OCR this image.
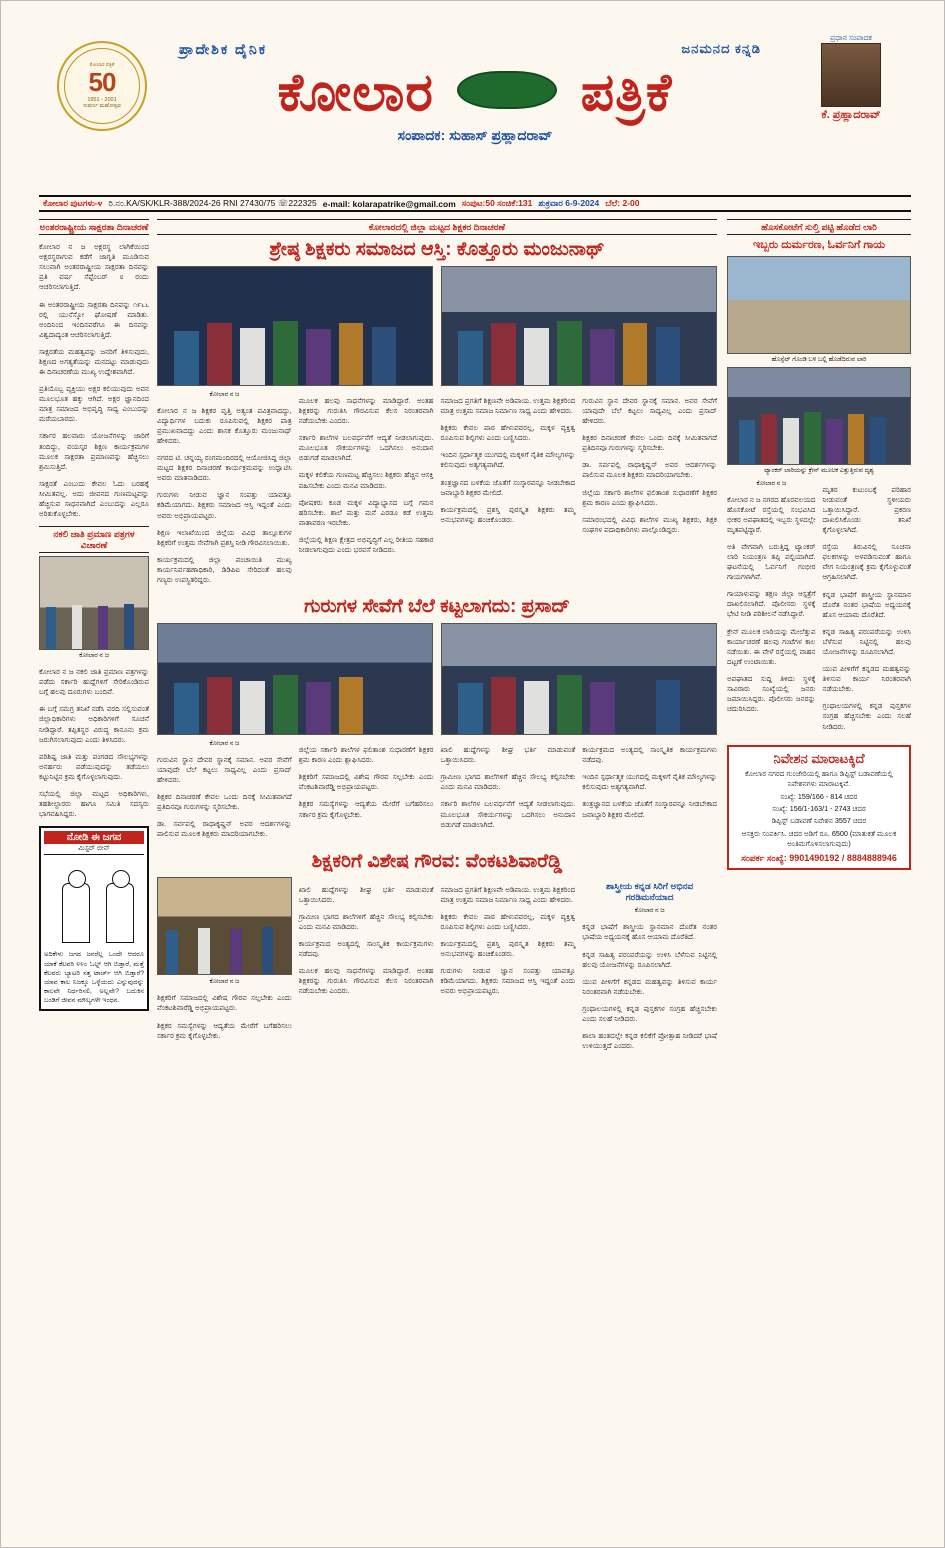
ಕೋಲಾರ ಪತ್ರಿಕೆ
50
1951 - 2001
ಸುವರ್ಣ ಮಹೋತ್ಸವ
ಪ್ರಾದೇಶಿಕ ದೈನಿಕ	ಜನಮನದ ಕನ್ನಡಿ
ಕೋಲಾರ	ಪತ್ರಿಕೆ
ಸಂಪಾದಕ: ಸುಹಾಸ್ ಪ್ರಹ್ಲಾದರಾವ್
ಪ್ರಧಾನ ಸಂಪಾದಕ
ಕೆ. ಪ್ರಹ್ಲಾದರಾವ್
ಕೋಲಾರ ಪುಟಗಳು-೪ ರಿ.ನಂ.KA/SK/KLR-388/2024-26 RNI 27430/75 ☏222325 e-mail: kolarapatrike@gmail.com ಸಂಪುಟ:50 ಸಂಚಿಕೆ:131 ಶುಕ್ರವಾರ 6-9-2024 ಬೆಲೆ: 2-00
ಅಂತರರಾಷ್ಟ್ರೀಯ ಸಾಕ್ಷರತಾ ದಿನಾಚರಣೆ

ಕೋಲಾರ ನ ಜ ಅಕ್ಷರಸ್ಥ ಲಾಗಿಕೆಯಿಂದ ಅಕ್ಷರಸ್ಥರಾಗುವ ಕಡೆಗೆ ಜಾಗೃತಿ ಮೂಡಿಸುವ ಸಲುವಾಗಿ ಅಂತರರಾಷ್ಟ್ರೀಯ ಸಾಕ್ಷರತಾ ದಿನವನ್ನು ಪ್ರತಿ ವರ್ಷ ಸೆಪ್ಟೆಂಬರ್ ೮ ರಂದು ಆಚರಿಸಲಾಗುತ್ತಿದೆ.

ಈ ಅಂತರರಾಷ್ಟ್ರೀಯ ಸಾಕ್ಷರತಾ ದಿನವನ್ನು ೧೯೬೬ ರಲ್ಲಿ ಯುನೆಸ್ಕೋ ಘೋಷಣೆ ಮಾಡಿತು. ಅಂದಿನಿಂದ ಇಂದಿನವರೆಗೂ ಈ ದಿನವನ್ನು ವಿಶ್ವದಾದ್ಯಂತ ಆಚರಿಸಲಾಗುತ್ತಿದೆ.

ಸಾಕ್ಷರತೆಯ ಮಹತ್ವವನ್ನು ಜನರಿಗೆ ತಿಳಿಸುವುದು, ಶಿಕ್ಷಣದ ಅಗತ್ಯತೆಯನ್ನು ಮನದಟ್ಟು ಮಾಡುವುದು ಈ ದಿನಾಚರಣೆಯ ಮುಖ್ಯ ಉದ್ದೇಶವಾಗಿದೆ.

ಪ್ರತಿಯೊಬ್ಬ ವ್ಯಕ್ತಿಯು ಅಕ್ಷರ ಕಲಿಯುವುದು ಅವನ ಮೂಲಭೂತ ಹಕ್ಕು ಆಗಿದೆ. ಅಕ್ಷರ ಜ್ಞಾನದಿಂದ ಮಾತ್ರ ಸಮಾಜದ ಅಭಿವೃದ್ಧಿ ಸಾಧ್ಯ ಎಂಬುದನ್ನು ಮರೆಯಬಾರದು.

ಸರ್ಕಾರ ಹಲವಾರು ಯೋಜನೆಗಳನ್ನು ಜಾರಿಗೆ ತಂದಿದ್ದು, ವಯಸ್ಕರ ಶಿಕ್ಷಣ ಕಾರ್ಯಕ್ರಮಗಳ ಮೂಲಕ ಸಾಕ್ಷರತಾ ಪ್ರಮಾಣವನ್ನು ಹೆಚ್ಚಿಸಲು ಶ್ರಮಿಸುತ್ತಿದೆ.

ಸಾಕ್ಷರತೆ ಎಂಬುದು ಕೇವಲ ಓದು ಬರಹಕ್ಕೆ ಸೀಮಿತವಲ್ಲ. ಅದು ಜೀವನದ ಗುಣಮಟ್ಟವನ್ನು ಹೆಚ್ಚಿಸುವ ಸಾಧನವಾಗಿದೆ ಎಂಬುದನ್ನು ಎಲ್ಲರೂ ಅರಿತುಕೊಳ್ಳಬೇಕು.

ನಕಲಿ ಜಾತಿ ಪ್ರಮಾಣ ಪತ್ರಗಳ ವಿಚಾರಣೆ
ಕೋಲಾರ ನ ಜ

ಕೋಲಾರ ನ ಜ ನಕಲಿ ಜಾತಿ ಪ್ರಮಾಣ ಪತ್ರಗಳನ್ನು ಪಡೆದು ಸರ್ಕಾರಿ ಹುದ್ದೆಗಳಿಗೆ ಸೇರಿಕೊಂಡಿರುವ ಬಗ್ಗೆ ಹಲವು ದೂರುಗಳು ಬಂದಿವೆ.

ಈ ಬಗ್ಗೆ ಸಮಗ್ರ ತನಿಖೆ ನಡೆಸಿ ವರದಿ ಸಲ್ಲಿಸುವಂತೆ ಜಿಲ್ಲಾಧಿಕಾರಿಗಳು ಅಧಿಕಾರಿಗಳಿಗೆ ಸೂಚನೆ ನೀಡಿದ್ದಾರೆ. ತಪ್ಪಿತಸ್ಥರ ವಿರುದ್ಧ ಕಾನೂನು ಕ್ರಮ ಜರುಗಿಸಲಾಗುವುದು ಎಂದು ತಿಳಿಸಿದರು.

ಪರಿಶಿಷ್ಟ ಜಾತಿ ಮತ್ತು ಪಂಗಡದ ಸೌಲಭ್ಯಗಳನ್ನು ಅನರ್ಹರು ಪಡೆಯುವುದನ್ನು ತಡೆಯಲು ಕಟ್ಟುನಿಟ್ಟಿನ ಕ್ರಮ ಕೈಗೊಳ್ಳಲಾಗುವುದು.

ಸಭೆಯಲ್ಲಿ ಜಿಲ್ಲಾ ಮಟ್ಟದ ಅಧಿಕಾರಿಗಳು, ತಹಶೀಲ್ದಾರರು ಹಾಗೂ ಸಮಿತಿ ಸದಸ್ಯರು ಭಾಗವಹಿಸಿದ್ದರು.

ನೋಡಿ ಈ ಜಗವ
ಮಿಸ್ಟರ್ ಬೀನ್
ಅದಿಕೇಳು ಜಗದ ಜನರೆಲ್ಲ ಒಂದೇ ಆದರೂ ಯಾಕೆ ಕೆಲವರಿ ೪೪೦ ಓಲ್ಟ್ ಆಗಿ ಬಿಡ್ತಾರೆ, ಮತ್ತೆ ಕೆಲವರು ಬ್ಯಾಟರಿ ಸತ್ತ ಟಾರ್ಚ್ ಆಗಿ ಬಿಡ್ತಾರೆ? ಯಾವ ಕಾಲ ನಿಜಕ್ಕೂ ಒಳ್ಳೆಯದು ಎನ್ನುವುದನ್ನು ಕಾಲವೇ ನಿರ್ಧರಿಸಲಿ, ಅಲ್ಲವೇ? ಬದುಕಿನ ಬಂಡಿಗೆ ಜೀವನ ಮೌಲ್ಯಗಳೇ ಇಂಧನ.
ಕೋಲಾರದಲ್ಲಿ ಜಿಲ್ಲಾ ಮಟ್ಟದ ಶಿಕ್ಷಕರ ದಿನಾಚರಣೆ
ಶ್ರೇಷ್ಠ ಶಿಕ್ಷಕರು ಸಮಾಜದ ಆಸ್ತಿ: ಕೊತ್ತೂರು ಮಂಜುನಾಥ್
ಕೋಲಾರ ನ ಜ

ಕೋಲಾರ ನ ಜ ಶಿಕ್ಷಕರ ವೃತ್ತಿ ಅತ್ಯಂತ ಪವಿತ್ರವಾದದ್ದು, ವಿದ್ಯಾರ್ಥಿಗಳ ಬದುಕು ರೂಪಿಸುವಲ್ಲಿ ಶಿಕ್ಷಕರ ಪಾತ್ರ ಪ್ರಮುಖವಾದದ್ದು ಎಂದು ಶಾಸಕ ಕೊತ್ತೂರು ಮಂಜುನಾಥ್ ಹೇಳಿದರು.

ನಗರದ ಟಿ. ಚನ್ನಯ್ಯ ರಂಗಮಂದಿರದಲ್ಲಿ ಆಯೋಜಿಸಿದ್ದ ಜಿಲ್ಲಾ ಮಟ್ಟದ ಶಿಕ್ಷಕರ ದಿನಾಚರಣೆ ಕಾರ್ಯಕ್ರಮವನ್ನು ಉದ್ಘಾಟಿಸಿ ಅವರು ಮಾತನಾಡಿದರು.

ಗುರುಗಳು ನೀಡುವ ಜ್ಞಾನ ಸಂಪತ್ತು ಯಾವತ್ತೂ ಕಡಿಮೆಯಾಗದು. ಶಿಕ್ಷಕರು ಸಮಾಜದ ಆಸ್ತಿ ಇದ್ದಂತೆ ಎಂದು ಅವರು ಅಭಿಪ್ರಾಯಪಟ್ಟರು.

ಶಿಕ್ಷಣ ಇಲಾಖೆಯಿಂದ ಜಿಲ್ಲೆಯ ವಿವಿಧ ತಾಲ್ಲೂಕುಗಳ ಶಿಕ್ಷಕರಿಗೆ ಉತ್ತಮ ಸೇವೆಗಾಗಿ ಪ್ರಶಸ್ತಿ ನೀಡಿ ಗೌರವಿಸಲಾಯಿತು.

ಕಾರ್ಯಕ್ರಮದಲ್ಲಿ ಜಿಲ್ಲಾ ಪಂಚಾಯಿತಿ ಮುಖ್ಯ ಕಾರ್ಯನಿರ್ವಹಣಾಧಿಕಾರಿ, ಡಿಡಿಪಿಐ ಸೇರಿದಂತೆ ಹಲವು ಗಣ್ಯರು ಉಪಸ್ಥಿತರಿದ್ದರು.

ಮೂಲಕ ಹಲವು ಸಾಧನೆಗಳನ್ನು ಮಾಡಿದ್ದಾರೆ. ಅಂತಹ ಶಿಕ್ಷಕರನ್ನು ಗುರುತಿಸಿ ಗೌರವಿಸುವ ಕೆಲಸ ನಿರಂತರವಾಗಿ ನಡೆಯಬೇಕು ಎಂದರು.

ಸರ್ಕಾರಿ ಶಾಲೆಗಳ ಬಲವರ್ಧನೆಗೆ ಆದ್ಯತೆ ನೀಡಲಾಗುವುದು. ಮೂಲಭೂತ ಸೌಕರ್ಯಗಳನ್ನು ಒದಗಿಸಲು ಅನುದಾನ ಬಿಡುಗಡೆ ಮಾಡಲಾಗಿದೆ.

ಮಕ್ಕಳ ಕಲಿಕೆಯ ಗುಣಮಟ್ಟ ಹೆಚ್ಚಿಸಲು ಶಿಕ್ಷಕರು ಹೆಚ್ಚಿನ ಆಸಕ್ತಿ ವಹಿಸಬೇಕು ಎಂದು ಮನವಿ ಮಾಡಿದರು.

ಪೋಷಕರು ಕೂಡ ಮಕ್ಕಳ ವಿದ್ಯಾಭ್ಯಾಸದ ಬಗ್ಗೆ ಗಮನ ಹರಿಸಬೇಕು. ಶಾಲೆ ಮತ್ತು ಮನೆ ಎರಡೂ ಕಡೆ ಉತ್ತಮ ವಾತಾವರಣ ಇರಬೇಕು.

ಜಿಲ್ಲೆಯಲ್ಲಿ ಶಿಕ್ಷಣ ಕ್ಷೇತ್ರದ ಅಭಿವೃದ್ಧಿಗೆ ಎಲ್ಲ ರೀತಿಯ ಸಹಕಾರ ನೀಡಲಾಗುವುದು ಎಂದು ಭರವಸೆ ನೀಡಿದರು.

ಸಮಾಜದ ಪ್ರಗತಿಗೆ ಶಿಕ್ಷಣವೇ ಅಡಿಪಾಯ. ಉತ್ತಮ ಶಿಕ್ಷಕರಿಂದ ಮಾತ್ರ ಉತ್ತಮ ಸಮಾಜ ನಿರ್ಮಾಣ ಸಾಧ್ಯ ಎಂದು ಹೇಳಿದರು.

ಶಿಕ್ಷಕರು ಕೇವಲ ಪಾಠ ಹೇಳುವವರಲ್ಲ, ಮಕ್ಕಳ ವ್ಯಕ್ತಿತ್ವ ರೂಪಿಸುವ ಶಿಲ್ಪಿಗಳು ಎಂದು ಬಣ್ಣಿಸಿದರು.

ಇಂದಿನ ಸ್ಪರ್ಧಾತ್ಮಕ ಯುಗದಲ್ಲಿ ಮಕ್ಕಳಿಗೆ ನೈತಿಕ ಮೌಲ್ಯಗಳನ್ನು ಕಲಿಸುವುದು ಅತ್ಯಗತ್ಯವಾಗಿದೆ.

ತಂತ್ರಜ್ಞಾನದ ಬಳಕೆಯ ಜೊತೆಗೆ ಸಂಸ್ಕಾರವನ್ನೂ ನೀಡಬೇಕಾದ ಜವಾಬ್ದಾರಿ ಶಿಕ್ಷಕರ ಮೇಲಿದೆ.

ಕಾರ್ಯಕ್ರಮದಲ್ಲಿ ಪ್ರಶಸ್ತಿ ಪುರಸ್ಕೃತ ಶಿಕ್ಷಕರು ತಮ್ಮ ಅನುಭವಗಳನ್ನು ಹಂಚಿಕೊಂಡರು.

ಗುರುವಿನ ಸ್ಥಾನ ದೇವರ ಸ್ಥಾನಕ್ಕೆ ಸಮಾನ. ಅವರ ಸೇವೆಗೆ ಯಾವುದೇ ಬೆಲೆ ಕಟ್ಟಲು ಸಾಧ್ಯವಿಲ್ಲ ಎಂದು ಪ್ರಸಾದ್ ಹೇಳಿದರು.

ಶಿಕ್ಷಕರ ದಿನಾಚರಣೆ ಕೇವಲ ಒಂದು ದಿನಕ್ಕೆ ಸೀಮಿತವಾಗದೆ ಪ್ರತಿದಿನವೂ ಗುರುಗಳನ್ನು ಸ್ಮರಿಸಬೇಕು.

ಡಾ. ಸರ್ವಪಲ್ಲಿ ರಾಧಾಕೃಷ್ಣನ್ ಅವರ ಆದರ್ಶಗಳನ್ನು ಪಾಲಿಸುವ ಮೂಲಕ ಶಿಕ್ಷಕರು ಮಾದರಿಯಾಗಬೇಕು.

ಜಿಲ್ಲೆಯ ಸರ್ಕಾರಿ ಶಾಲೆಗಳ ಫಲಿತಾಂಶ ಸುಧಾರಣೆಗೆ ಶಿಕ್ಷಕರ ಶ್ರಮ ಕಾರಣ ಎಂದು ಶ್ಲಾಘಿಸಿದರು.

ಸಮಾರಂಭದಲ್ಲಿ ವಿವಿಧ ಶಾಲೆಗಳ ಮುಖ್ಯ ಶಿಕ್ಷಕರು, ಶಿಕ್ಷಕ ಸಂಘಗಳ ಪದಾಧಿಕಾರಿಗಳು ಪಾಲ್ಗೊಂಡಿದ್ದರು.

ಗುರುಗಳ ಸೇವೆಗೆ ಬೆಲೆ ಕಟ್ಟಲಾಗದು: ಪ್ರಸಾದ್
ಕೋಲಾರ ನ ಜ

ಗುರುವಿನ ಸ್ಥಾನ ದೇವರ ಸ್ಥಾನಕ್ಕೆ ಸಮಾನ. ಅವರ ಸೇವೆಗೆ ಯಾವುದೇ ಬೆಲೆ ಕಟ್ಟಲು ಸಾಧ್ಯವಿಲ್ಲ ಎಂದು ಪ್ರಸಾದ್ ಹೇಳಿದರು.

ಶಿಕ್ಷಕರ ದಿನಾಚರಣೆ ಕೇವಲ ಒಂದು ದಿನಕ್ಕೆ ಸೀಮಿತವಾಗದೆ ಪ್ರತಿದಿನವೂ ಗುರುಗಳನ್ನು ಸ್ಮರಿಸಬೇಕು.

ಡಾ. ಸರ್ವಪಲ್ಲಿ ರಾಧಾಕೃಷ್ಣನ್ ಅವರ ಆದರ್ಶಗಳನ್ನು ಪಾಲಿಸುವ ಮೂಲಕ ಶಿಕ್ಷಕರು ಮಾದರಿಯಾಗಬೇಕು.

ಜಿಲ್ಲೆಯ ಸರ್ಕಾರಿ ಶಾಲೆಗಳ ಫಲಿತಾಂಶ ಸುಧಾರಣೆಗೆ ಶಿಕ್ಷಕರ ಶ್ರಮ ಕಾರಣ ಎಂದು ಶ್ಲಾಘಿಸಿದರು.

ಶಿಕ್ಷಕರಿಗೆ ಸಮಾಜದಲ್ಲಿ ವಿಶೇಷ ಗೌರವ ಸಲ್ಲಬೇಕು ಎಂದು ವೆಂಕಟಶಿವಾರೆಡ್ಡಿ ಅಭಿಪ್ರಾಯಪಟ್ಟರು.

ಶಿಕ್ಷಕರ ಸಮಸ್ಯೆಗಳನ್ನು ಆದ್ಯತೆಯ ಮೇರೆಗೆ ಬಗೆಹರಿಸಲು ಸರ್ಕಾರ ಕ್ರಮ ಕೈಗೊಳ್ಳಬೇಕು.

ಖಾಲಿ ಹುದ್ದೆಗಳನ್ನು ಶೀಘ್ರ ಭರ್ತಿ ಮಾಡುವಂತೆ ಒತ್ತಾಯಿಸಿದರು.

ಗ್ರಾಮೀಣ ಭಾಗದ ಶಾಲೆಗಳಿಗೆ ಹೆಚ್ಚಿನ ಸೌಲಭ್ಯ ಕಲ್ಪಿಸಬೇಕು ಎಂದು ಮನವಿ ಮಾಡಿದರು.

ಸರ್ಕಾರಿ ಶಾಲೆಗಳ ಬಲವರ್ಧನೆಗೆ ಆದ್ಯತೆ ನೀಡಲಾಗುವುದು. ಮೂಲಭೂತ ಸೌಕರ್ಯಗಳನ್ನು ಒದಗಿಸಲು ಅನುದಾನ ಬಿಡುಗಡೆ ಮಾಡಲಾಗಿದೆ.

ಕಾರ್ಯಕ್ರಮದ ಅಂತ್ಯದಲ್ಲಿ ಸಾಂಸ್ಕೃತಿಕ ಕಾರ್ಯಕ್ರಮಗಳು ನಡೆದವು.

ಇಂದಿನ ಸ್ಪರ್ಧಾತ್ಮಕ ಯುಗದಲ್ಲಿ ಮಕ್ಕಳಿಗೆ ನೈತಿಕ ಮೌಲ್ಯಗಳನ್ನು ಕಲಿಸುವುದು ಅತ್ಯಗತ್ಯವಾಗಿದೆ.

ತಂತ್ರಜ್ಞಾನದ ಬಳಕೆಯ ಜೊತೆಗೆ ಸಂಸ್ಕಾರವನ್ನೂ ನೀಡಬೇಕಾದ ಜವಾಬ್ದಾರಿ ಶಿಕ್ಷಕರ ಮೇಲಿದೆ.

ಶಿಕ್ಷಕರಿಗೆ ವಿಶೇಷ ಗೌರವ: ವೆಂಕಟಶಿವಾರೆಡ್ಡಿ
ಕೋಲಾರ ನ ಜ

ಶಿಕ್ಷಕರಿಗೆ ಸಮಾಜದಲ್ಲಿ ವಿಶೇಷ ಗೌರವ ಸಲ್ಲಬೇಕು ಎಂದು ವೆಂಕಟಶಿವಾರೆಡ್ಡಿ ಅಭಿಪ್ರಾಯಪಟ್ಟರು.

ಶಿಕ್ಷಕರ ಸಮಸ್ಯೆಗಳನ್ನು ಆದ್ಯತೆಯ ಮೇರೆಗೆ ಬಗೆಹರಿಸಲು ಸರ್ಕಾರ ಕ್ರಮ ಕೈಗೊಳ್ಳಬೇಕು.

ಖಾಲಿ ಹುದ್ದೆಗಳನ್ನು ಶೀಘ್ರ ಭರ್ತಿ ಮಾಡುವಂತೆ ಒತ್ತಾಯಿಸಿದರು.

ಗ್ರಾಮೀಣ ಭಾಗದ ಶಾಲೆಗಳಿಗೆ ಹೆಚ್ಚಿನ ಸೌಲಭ್ಯ ಕಲ್ಪಿಸಬೇಕು ಎಂದು ಮನವಿ ಮಾಡಿದರು.

ಕಾರ್ಯಕ್ರಮದ ಅಂತ್ಯದಲ್ಲಿ ಸಾಂಸ್ಕೃತಿಕ ಕಾರ್ಯಕ್ರಮಗಳು ನಡೆದವು.

ಮೂಲಕ ಹಲವು ಸಾಧನೆಗಳನ್ನು ಮಾಡಿದ್ದಾರೆ. ಅಂತಹ ಶಿಕ್ಷಕರನ್ನು ಗುರುತಿಸಿ ಗೌರವಿಸುವ ಕೆಲಸ ನಿರಂತರವಾಗಿ ನಡೆಯಬೇಕು ಎಂದರು.

ಸಮಾಜದ ಪ್ರಗತಿಗೆ ಶಿಕ್ಷಣವೇ ಅಡಿಪಾಯ. ಉತ್ತಮ ಶಿಕ್ಷಕರಿಂದ ಮಾತ್ರ ಉತ್ತಮ ಸಮಾಜ ನಿರ್ಮಾಣ ಸಾಧ್ಯ ಎಂದು ಹೇಳಿದರು.

ಶಿಕ್ಷಕರು ಕೇವಲ ಪಾಠ ಹೇಳುವವರಲ್ಲ, ಮಕ್ಕಳ ವ್ಯಕ್ತಿತ್ವ ರೂಪಿಸುವ ಶಿಲ್ಪಿಗಳು ಎಂದು ಬಣ್ಣಿಸಿದರು.

ಕಾರ್ಯಕ್ರಮದಲ್ಲಿ ಪ್ರಶಸ್ತಿ ಪುರಸ್ಕೃತ ಶಿಕ್ಷಕರು ತಮ್ಮ ಅನುಭವಗಳನ್ನು ಹಂಚಿಕೊಂಡರು.

ಗುರುಗಳು ನೀಡುವ ಜ್ಞಾನ ಸಂಪತ್ತು ಯಾವತ್ತೂ ಕಡಿಮೆಯಾಗದು. ಶಿಕ್ಷಕರು ಸಮಾಜದ ಆಸ್ತಿ ಇದ್ದಂತೆ ಎಂದು ಅವರು ಅಭಿಪ್ರಾಯಪಟ್ಟರು.

ಶಾಸ್ತ್ರೀಯ ಕನ್ನಡ ಸಿರಿಗೆ ಅಭಿನವ ಗರಡಿಮನೆಯಾದ
ಕೋಲಾರ ನ ಜ

ಕನ್ನಡ ಭಾಷೆಗೆ ಶಾಸ್ತ್ರೀಯ ಸ್ಥಾನಮಾನ ದೊರೆತ ನಂತರ ಭಾಷೆಯ ಅಧ್ಯಯನಕ್ಕೆ ಹೊಸ ಆಯಾಮ ದೊರೆತಿದೆ.

ಕನ್ನಡ ಸಾಹಿತ್ಯ ಪರಂಪರೆಯನ್ನು ಉಳಿಸಿ ಬೆಳೆಸುವ ನಿಟ್ಟಿನಲ್ಲಿ ಹಲವು ಯೋಜನೆಗಳನ್ನು ರೂಪಿಸಲಾಗಿದೆ.

ಯುವ ಪೀಳಿಗೆಗೆ ಕನ್ನಡದ ಮಹತ್ವವನ್ನು ತಿಳಿಸುವ ಕಾರ್ಯ ನಿರಂತರವಾಗಿ ನಡೆಯಬೇಕು.

ಗ್ರಂಥಾಲಯಗಳಲ್ಲಿ ಕನ್ನಡ ಪುಸ್ತಕಗಳ ಸಂಗ್ರಹ ಹೆಚ್ಚಿಸಬೇಕು ಎಂದು ಸಲಹೆ ನೀಡಿದರು.

ಶಾಲಾ ಹಂತದಲ್ಲೇ ಕನ್ನಡ ಕಲಿಕೆಗೆ ಪ್ರೋತ್ಸಾಹ ನೀಡಿದರೆ ಭಾಷೆ ಉಳಿಯುತ್ತದೆ ಎಂದರು.

ಹೊಸಕೋಟೆಗೆ ಸುಲ್ತಿ ಪಟ್ಟಿ ಹೊಡೆದ ಲಾರಿ
ಇಬ್ಬರು ದುರ್ಮರಣ, ಓರ್ವನಿಗೆ ಗಾಯ
ಹೊಸ್ಪೆಟ್ ಗೊಂಡಿ ಬಳಿ ಬಲ್ಲಿ ಹೊಡೆದಿರುವ ಲಾರಿ
ಟ್ಯಾಂಕರ್ ಲಾರಿಯನ್ನು ಕ್ರೇನ್ ಮೂಲಕ ಎತ್ತುತ್ತಿರುವ ದೃಶ್ಯ
ಕೋಲಾರ ನ ಜ

ಕೋಲಾರ ನ ಜ ನಗರದ ಹೊರವಲಯದ ಹೊಸಕೋಟೆ ರಸ್ತೆಯಲ್ಲಿ ಸಂಭವಿಸಿದ ಭೀಕರ ಅಪಘಾತದಲ್ಲಿ ಇಬ್ಬರು ಸ್ಥಳದಲ್ಲೇ ಮೃತಪಟ್ಟಿದ್ದಾರೆ.

ಅತಿ ವೇಗವಾಗಿ ಬರುತ್ತಿದ್ದ ಟ್ಯಾಂಕರ್ ಲಾರಿ ನಿಯಂತ್ರಣ ತಪ್ಪಿ ಪಲ್ಟಿಯಾಗಿದೆ. ಘಟನೆಯಲ್ಲಿ ಓರ್ವನಿಗೆ ಗಂಭೀರ ಗಾಯಗಳಾಗಿವೆ.

ಗಾಯಾಳುವನ್ನು ತಕ್ಷಣ ಜಿಲ್ಲಾ ಆಸ್ಪತ್ರೆಗೆ ದಾಖಲಿಸಲಾಗಿದೆ. ಪೊಲೀಸರು ಸ್ಥಳಕ್ಕೆ ಭೇಟಿ ನೀಡಿ ಪರಿಶೀಲನೆ ನಡೆಸಿದ್ದಾರೆ.

ಕ್ರೇನ್ ಮೂಲಕ ಲಾರಿಯನ್ನು ಮೇಲೆತ್ತುವ ಕಾರ್ಯಾಚರಣೆ ಹಲವು ಗಂಟೆಗಳ ಕಾಲ ನಡೆಯಿತು. ಈ ವೇಳೆ ರಸ್ತೆಯಲ್ಲಿ ವಾಹನ ದಟ್ಟಣೆ ಉಂಟಾಯಿತು.

ಅಪಘಾತದ ಸುದ್ದಿ ತಿಳಿದು ಸ್ಥಳಕ್ಕೆ ಸಾವಿರಾರು ಸಂಖ್ಯೆಯಲ್ಲಿ ಜನರು ಜಮಾಯಿಸಿದ್ದರು. ಪೊಲೀಸರು ಜನರನ್ನು ಚದುರಿಸಿದರು.

ಮೃತರ ಕುಟುಂಬಕ್ಕೆ ಪರಿಹಾರ ನೀಡುವಂತೆ ಸ್ಥಳೀಯರು ಒತ್ತಾಯಿಸಿದ್ದಾರೆ. ಪ್ರಕರಣ ದಾಖಲಿಸಿಕೊಂಡು ತನಿಖೆ ಕೈಗೊಳ್ಳಲಾಗಿದೆ.

ರಸ್ತೆಯ ತಿರುವಿನಲ್ಲಿ ಸೂಚನಾ ಫಲಕಗಳನ್ನು ಅಳವಡಿಸುವಂತೆ ಹಾಗೂ ವೇಗ ನಿಯಂತ್ರಣಕ್ಕೆ ಕ್ರಮ ಕೈಗೊಳ್ಳುವಂತೆ ಆಗ್ರಹಿಸಲಾಗಿದೆ.

ಕನ್ನಡ ಭಾಷೆಗೆ ಶಾಸ್ತ್ರೀಯ ಸ್ಥಾನಮಾನ ದೊರೆತ ನಂತರ ಭಾಷೆಯ ಅಧ್ಯಯನಕ್ಕೆ ಹೊಸ ಆಯಾಮ ದೊರೆತಿದೆ.

ಕನ್ನಡ ಸಾಹಿತ್ಯ ಪರಂಪರೆಯನ್ನು ಉಳಿಸಿ ಬೆಳೆಸುವ ನಿಟ್ಟಿನಲ್ಲಿ ಹಲವು ಯೋಜನೆಗಳನ್ನು ರೂಪಿಸಲಾಗಿದೆ.

ಯುವ ಪೀಳಿಗೆಗೆ ಕನ್ನಡದ ಮಹತ್ವವನ್ನು ತಿಳಿಸುವ ಕಾರ್ಯ ನಿರಂತರವಾಗಿ ನಡೆಯಬೇಕು.

ಗ್ರಂಥಾಲಯಗಳಲ್ಲಿ ಕನ್ನಡ ಪುಸ್ತಕಗಳ ಸಂಗ್ರಹ ಹೆಚ್ಚಿಸಬೇಕು ಎಂದು ಸಲಹೆ ನೀಡಿದರು.

ನಿವೇಶನ ಮಾರಾಟಕ್ಕಿದೆ
ಕೋಲಾರ ನಗರದ ಗುಂಜೇರಿಯಲ್ಲಿ ಹಾಗೂ ಡಿಪ್ಪಿಸ್ಟ್ ಬಡಾವಣೆಯಲ್ಲಿ ನಿವೇಶನಗಳು ಮಾರಾಟಕ್ಕಿವೆ.
ಸಂಖ್ಯೆ: 159/166 - 814 ಚದರ
ಸಂಖ್ಯೆ: 156/1-163/1 - 2743 ಚದರ
ಡಿಪ್ಪಿಸ್ಟ್ ಬಡಾವಣೆ ನಿವೇಶನ 3557 ಚದರ
ಆಸಕ್ತರು ಸಂಪರ್ಕಿಸಿ. ಚದರ ಅಡಿಗೆ ರೂ. 6500 (ಮಾತುಕತೆ ಮೂಲಕ ಅಂತಿಮಗೊಳಿಸಲಾಗುವುದು)
ಸಂಪರ್ಕ ಸಂಖ್ಯೆ: 9901490192 / 8884888946
